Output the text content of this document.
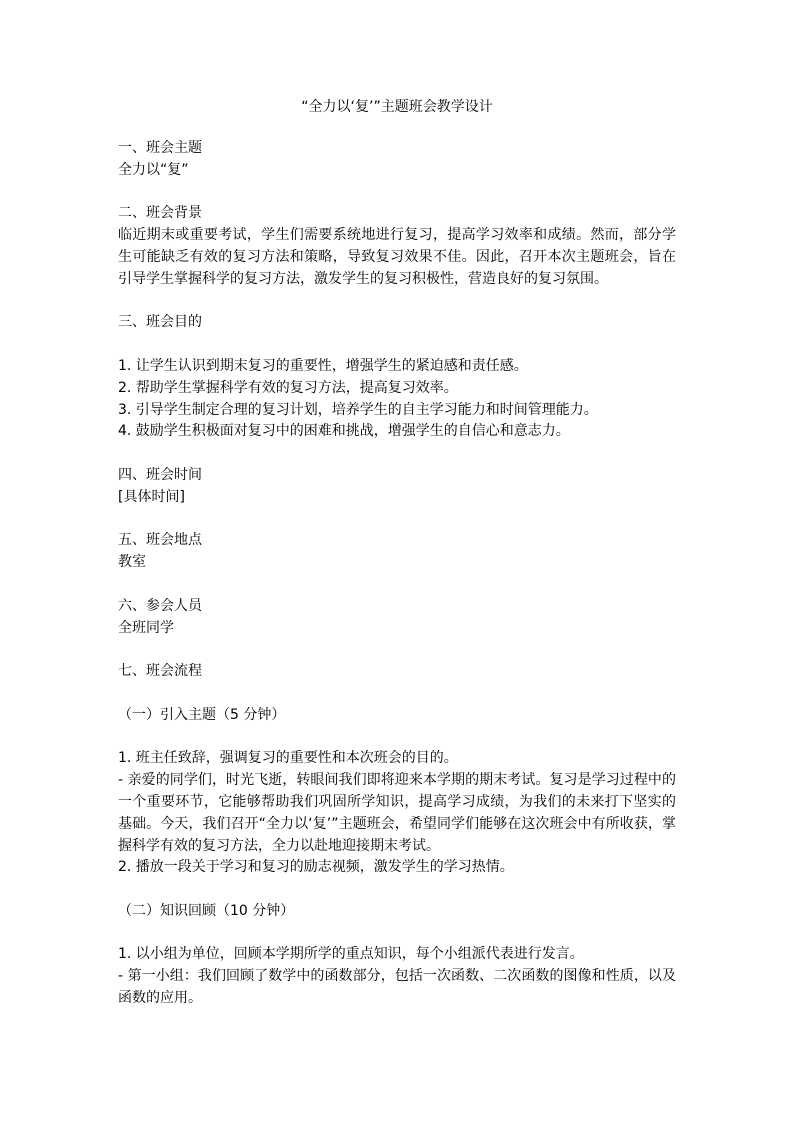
“全力以‘复’”主题班会教学设计

一、班会主题

全力以“复”

二、班会背景

临近期末或重要考试，学生们需要系统地进行复习，提高学习效率和成绩。然而，部分学生可能缺乏有效的复习方法和策略，导致复习效果不佳。因此，召开本次主题班会，旨在引导学生掌握科学的复习方法，激发学生的复习积极性，营造良好的复习氛围。

三、班会目的

1. 让学生认识到期末复习的重要性，增强学生的紧迫感和责任感。

2. 帮助学生掌握科学有效的复习方法，提高复习效率。

3. 引导学生制定合理的复习计划，培养学生的自主学习能力和时间管理能力。

4. 鼓励学生积极面对复习中的困难和挑战，增强学生的自信心和意志力。

四、班会时间

[具体时间]

五、班会地点

教室

六、参会人员

全班同学

七、班会流程

（一）引入主题（5 分钟）

1. 班主任致辞，强调复习的重要性和本次班会的目的。

- 亲爱的同学们，时光飞逝，转眼间我们即将迎来本学期的期末考试。复习是学习过程中的一个重要环节，它能够帮助我们巩固所学知识，提高学习成绩，为我们的未来打下坚实的基础。今天，我们召开“全力以‘复’”主题班会，希望同学们能够在这次班会中有所收获，掌握科学有效的复习方法，全力以赴地迎接期末考试。

2. 播放一段关于学习和复习的励志视频，激发学生的学习热情。

（二）知识回顾（10 分钟）

1. 以小组为单位，回顾本学期所学的重点知识，每个小组派代表进行发言。

- 第一小组：我们回顾了数学中的函数部分，包括一次函数、二次函数的图像和性质，以及函数的应用。
